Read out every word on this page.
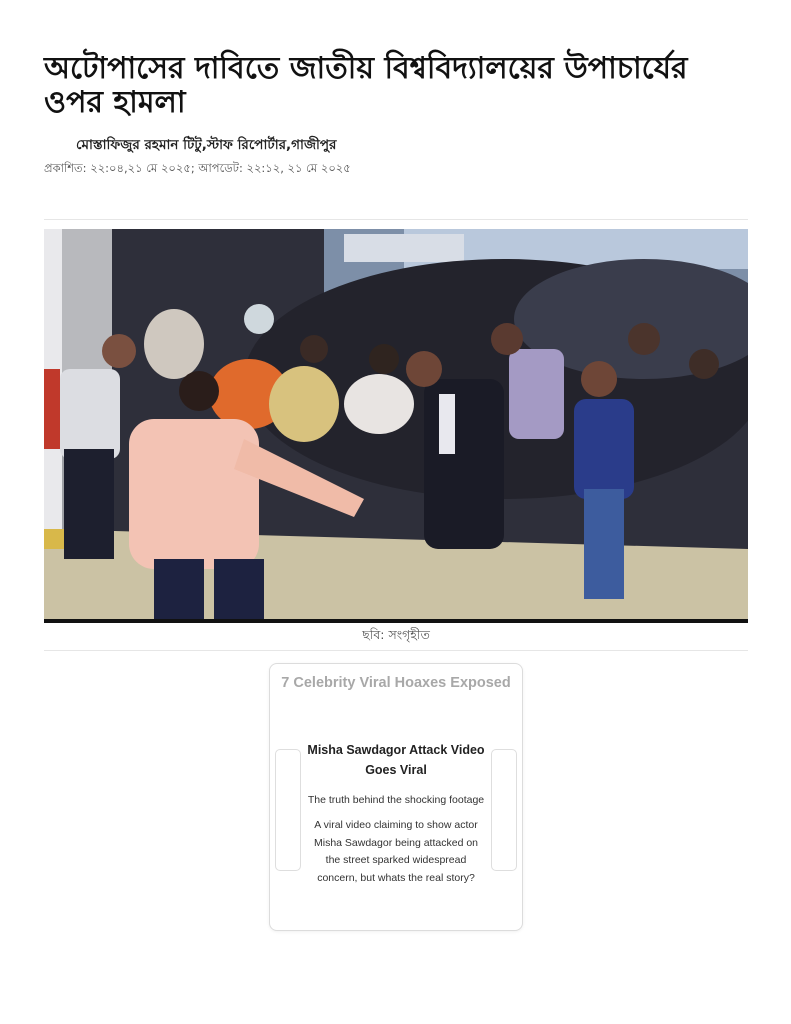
অটোপাসের দাবিতে জাতীয় বিশ্ববিদ্যালয়ের উপাচার্যের ওপর হামলা
মোস্তাফিজুর রহমান টিটু,স্টাফ রিপোর্টার,গাজীপুর
প্রকাশিত: ২২:০৪,২১ মে ২০২৫; আপডেট: ২২:১২, ২১ মে ২০২৫
ছবি: সংগৃহীত
7 Celebrity Viral Hoaxes Exposed

Misha Sawdagor Attack Video Goes Viral

The truth behind the shocking footage

A viral video claiming to show actor Misha Sawdagor being attacked on the street sparked widespread concern, but whats the real story?
